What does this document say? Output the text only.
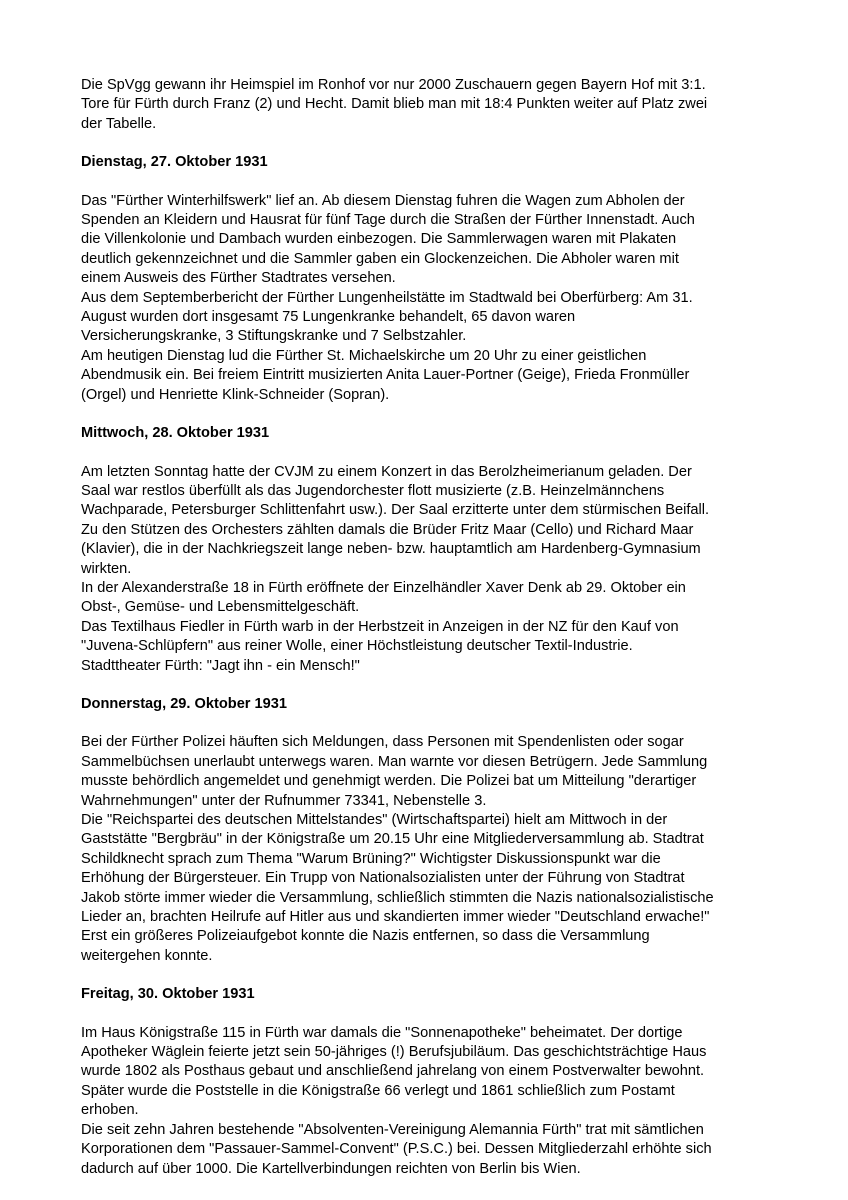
Die SpVgg gewann ihr Heimspiel im Ronhof vor nur 2000 Zuschauern gegen Bayern Hof mit 3:1.
Tore für Fürth durch Franz (2) und Hecht. Damit blieb man mit 18:4 Punkten weiter auf Platz zwei
der Tabelle.

Dienstag, 27. Oktober 1931

Das "Fürther Winterhilfswerk" lief an. Ab diesem Dienstag fuhren die Wagen zum Abholen der
Spenden an Kleidern und Hausrat für fünf Tage durch die Straßen der Fürther Innenstadt. Auch
die Villenkolonie und Dambach wurden einbezogen. Die Sammlerwagen waren mit Plakaten
deutlich gekennzeichnet und die Sammler gaben ein Glockenzeichen. Die Abholer waren mit
einem Ausweis des Fürther Stadtrates versehen.
Aus dem Septemberbericht der Fürther Lungenheilstätte im Stadtwald bei Oberfürberg: Am 31.
August wurden dort insgesamt 75 Lungenkranke behandelt, 65 davon waren
Versicherungskranke, 3 Stiftungskranke und 7 Selbstzahler.
Am heutigen Dienstag lud die Fürther St. Michaelskirche um 20 Uhr zu einer geistlichen
Abendmusik ein. Bei freiem Eintritt musizierten Anita Lauer-Portner (Geige), Frieda Fronmüller
(Orgel) und Henriette Klink-Schneider (Sopran).

Mittwoch, 28. Oktober 1931

Am letzten Sonntag hatte der CVJM zu einem Konzert in das Berolzheimerianum geladen. Der
Saal war restlos überfüllt als das Jugendorchester flott musizierte (z.B. Heinzelmännchens
Wachparade, Petersburger Schlittenfahrt usw.). Der Saal erzitterte unter dem stürmischen Beifall.
Zu den Stützen des Orchesters zählten damals die Brüder Fritz Maar (Cello) und Richard Maar
(Klavier), die in der Nachkriegszeit lange neben- bzw. hauptamtlich am Hardenberg-Gymnasium
wirkten.
In der Alexanderstraße 18 in Fürth eröffnete der Einzelhändler Xaver Denk ab 29. Oktober ein
Obst-, Gemüse- und Lebensmittelgeschäft.
Das Textilhaus Fiedler in Fürth warb in der Herbstzeit in Anzeigen in der NZ für den Kauf von
"Juvena-Schlüpfern" aus reiner Wolle, einer Höchstleistung deutscher Textil-Industrie.
Stadttheater Fürth: "Jagt ihn - ein Mensch!"

Donnerstag, 29. Oktober 1931

Bei der Fürther Polizei häuften sich Meldungen, dass Personen mit Spendenlisten oder sogar
Sammelbüchsen unerlaubt unterwegs waren. Man warnte vor diesen Betrügern. Jede Sammlung
musste behördlich angemeldet und genehmigt werden. Die Polizei bat um Mitteilung "derartiger
Wahrnehmungen" unter der Rufnummer 73341, Nebenstelle 3.
Die "Reichspartei des deutschen Mittelstandes" (Wirtschaftspartei) hielt am Mittwoch in der
Gaststätte "Bergbräu" in der Königstraße um 20.15 Uhr eine Mitgliederversammlung ab. Stadtrat
Schildknecht sprach zum Thema "Warum Brüning?" Wichtigster Diskussionspunkt war die
Erhöhung der Bürgersteuer. Ein Trupp von Nationalsozialisten unter der Führung von Stadtrat
Jakob störte immer wieder die Versammlung, schließlich stimmten die Nazis nationalsozialistische
Lieder an, brachten Heilrufe auf Hitler aus und skandierten immer wieder "Deutschland erwache!"
Erst ein größeres Polizeiaufgebot konnte die Nazis entfernen, so dass die Versammlung
weitergehen konnte.

Freitag, 30. Oktober 1931

Im Haus Königstraße 115 in Fürth war damals die "Sonnenapotheke" beheimatet. Der dortige
Apotheker Wäglein feierte jetzt sein 50-jähriges (!) Berufsjubiläum. Das geschichtsträchtige Haus
wurde 1802 als Posthaus gebaut und anschließend jahrelang von einem Postverwalter bewohnt.
Später wurde die Poststelle in die Königstraße 66 verlegt und 1861 schließlich zum Postamt
erhoben.
Die seit zehn Jahren bestehende "Absolventen-Vereinigung Alemannia Fürth" trat mit sämtlichen
Korporationen dem "Passauer-Sammel-Convent" (P.S.C.) bei. Dessen Mitgliederzahl erhöhte sich
dadurch auf über 1000. Die Kartellverbindungen reichten von Berlin bis Wien.
